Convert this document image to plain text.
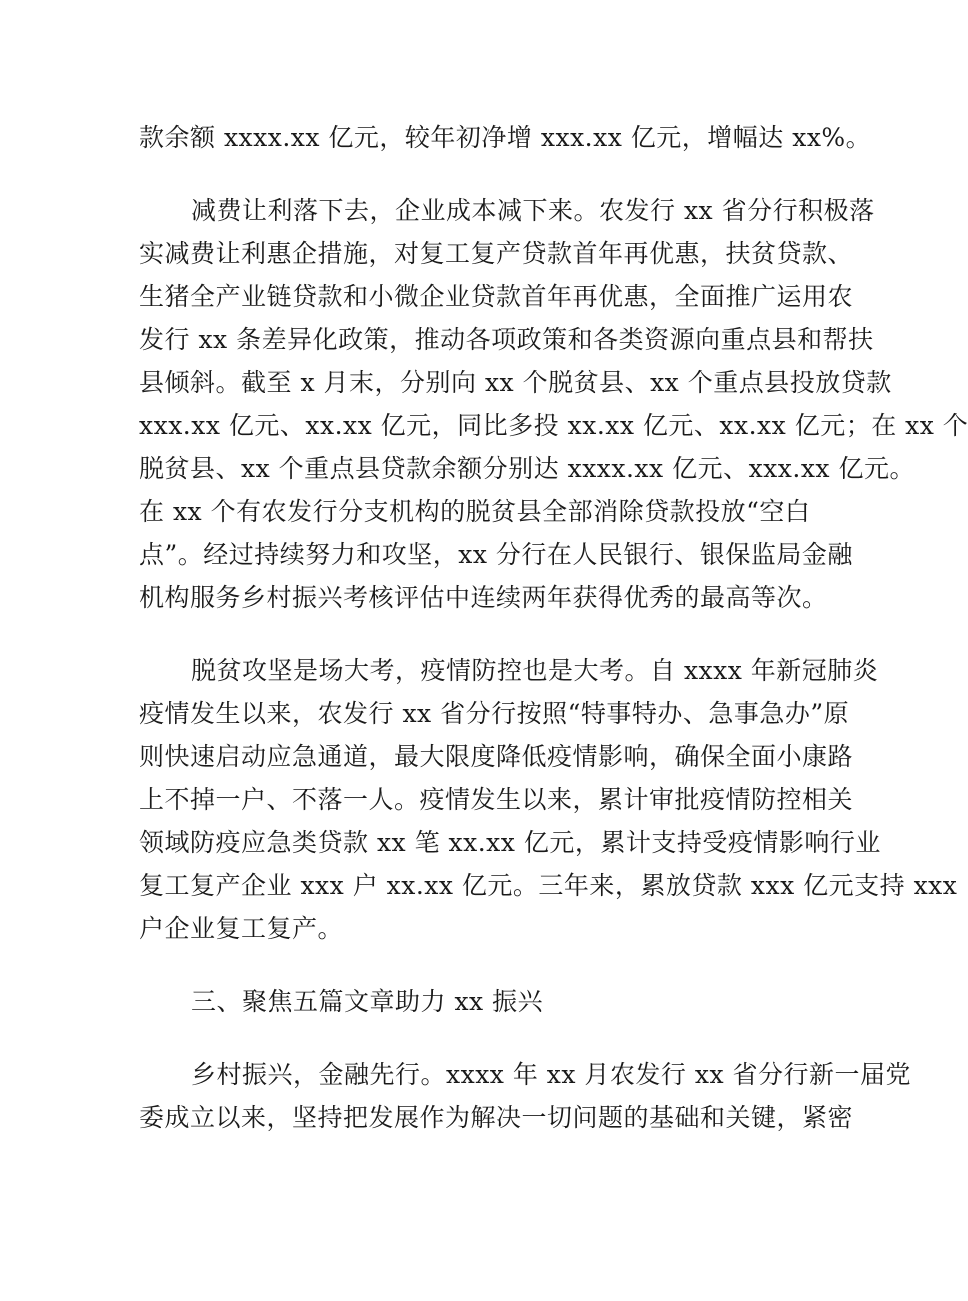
款余额 xxxx.xx 亿元，较年初净增 xxx.xx 亿元，增幅达 xx%。
减费让利落下去，企业成本减下来。农发行 xx 省分行积极落
实减费让利惠企措施，对复工复产贷款首年再优惠，扶贫贷款、
生猪全产业链贷款和小微企业贷款首年再优惠，全面推广运用农
发行 xx 条差异化政策，推动各项政策和各类资源向重点县和帮扶
县倾斜。截至 x 月末，分别向 xx 个脱贫县、xx 个重点县投放贷款
xxx.xx 亿元、xx.xx 亿元，同比多投 xx.xx 亿元、xx.xx 亿元；在 xx 个
脱贫县、xx 个重点县贷款余额分别达 xxxx.xx 亿元、xxx.xx 亿元。
在 xx 个有农发行分支机构的脱贫县全部消除贷款投放“空白
点”。经过持续努力和攻坚，xx 分行在人民银行、银保监局金融
机构服务乡村振兴考核评估中连续两年获得优秀的最高等次。
脱贫攻坚是场大考，疫情防控也是大考。自 xxxx 年新冠肺炎
疫情发生以来，农发行 xx 省分行按照“特事特办、急事急办”原
则快速启动应急通道，最大限度降低疫情影响，确保全面小康路
上不掉一户、不落一人。疫情发生以来，累计审批疫情防控相关
领域防疫应急类贷款 xx 笔 xx.xx 亿元，累计支持受疫情影响行业
复工复产企业 xxx 户 xx.xx 亿元。三年来，累放贷款 xxx 亿元支持 xxx
户企业复工复产。
三、聚焦五篇文章助力 xx 振兴
乡村振兴，金融先行。xxxx 年 xx 月农发行 xx 省分行新一届党
委成立以来，坚持把发展作为解决一切问题的基础和关键，紧密
